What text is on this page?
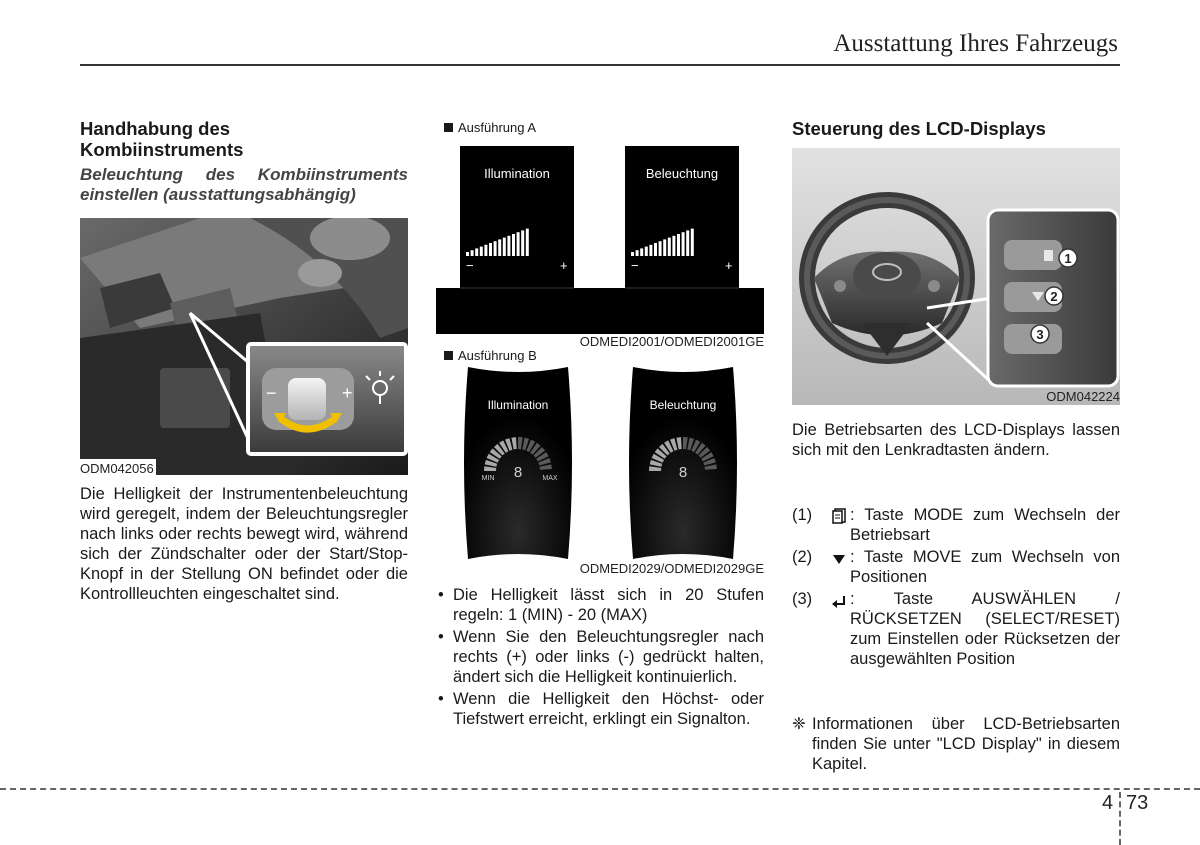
Ausstattung Ihres Fahrzeugs
Handhabung des Kombiinstruments
Beleuchtung des Kombiinstruments
einstellen (ausstattungsabhängig)
−	+
ODM042056
Die Helligkeit der Instrumentenbeleuchtung wird geregelt, indem der Beleuchtungsregler nach links oder rechts bewegt wird, während sich der Zündschalter oder der Start/Stop-Knopf in der Stellung ON befindet oder die Kontrollleuchten eingeschaltet sind.
Ausführung A
Illumination
−	+
Beleuchtung
−	+
ODMEDI2001/ODMEDI2001GE
Ausführung B
Illumination
8
MIN	MAX
Beleuchtung
8
ODMEDI2029/ODMEDI2029GE
• Die Helligkeit lässt sich in 20 Stufen regeln: 1 (MIN) - 20 (MAX)
• Wenn Sie den Beleuchtungsregler nach rechts (+) oder links (-) gedrückt halten, ändert sich die Helligkeit kontinuierlich.
• Wenn die Helligkeit den Höchst- oder Tiefstwert erreicht, erklingt ein Signalton.
Steuerung des LCD-Displays
1
2
3
ODM042224
Die Betriebsarten des LCD-Displays lassen sich mit den Lenkradtasten ändern.
(1)	: Taste MODE zum Wechseln der Betriebsart
(2)	: Taste MOVE zum Wechseln von Positionen
(3)	: Taste AUSWÄHLEN / RÜCKSETZEN (SELECT/RESET) zum Einstellen oder Rücksetzen der ausgewählten Position
❈ Informationen über LCD-Betriebsarten finden Sie unter "LCD Display" in diesem Kapitel.
4 73
